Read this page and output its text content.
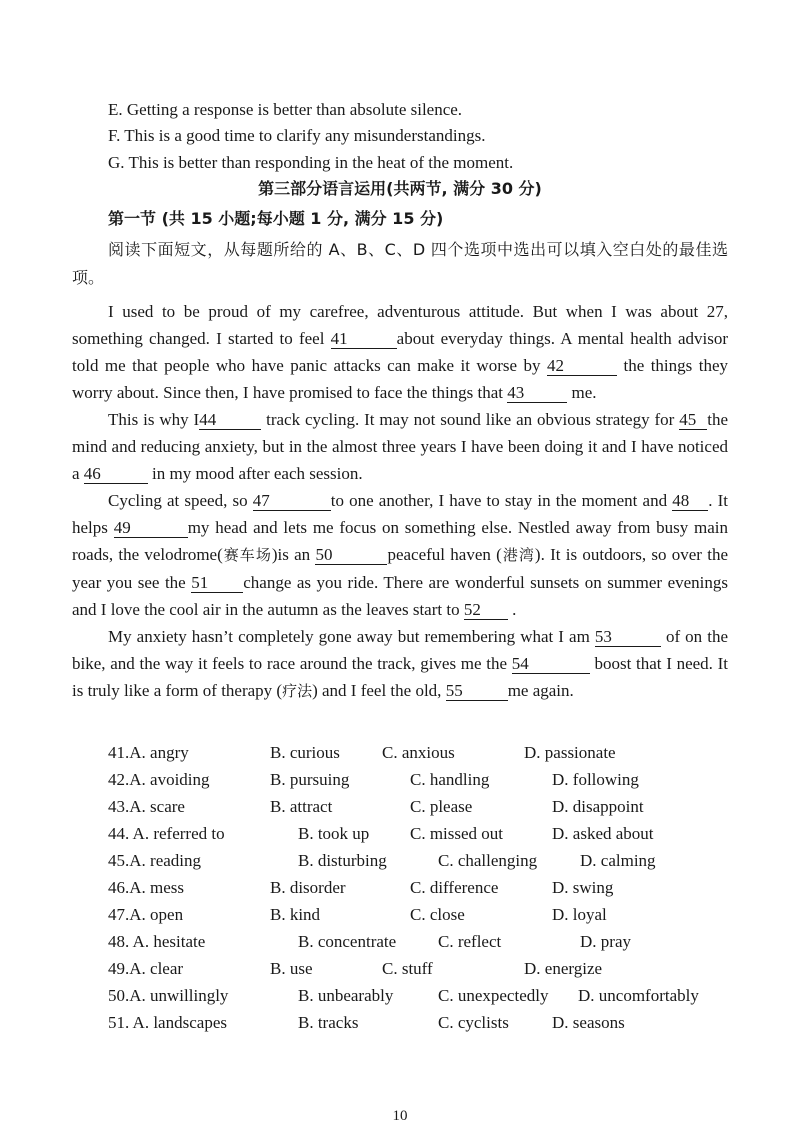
E. Getting a response is better than absolute silence.
F. This is a good time to clarify any misunderstandings.
G. This is better than responding in the heat of the moment.
第三部分语言运用(共两节, 满分 30 分)
第一节 (共 15 小题;每小题 1 分, 满分 15 分)
阅读下面短文，从每题所给的 A、B、C、D 四个选项中选出可以填入空白处的最佳选项。

I used to be proud of my carefree, adventurous attitude. But when I was about 27, something changed. I started to feel 41	about everyday things. A mental health advisor told me that people who have panic attacks can make it worse by 42	the things they worry about. Since then, I have promised to face the things that 43	me.

This is why I44	track cycling. It may not sound like an obvious strategy for 45 the mind and reducing anxiety, but in the almost three years I have been doing it and I have noticed a 46	in my mood after each session.

Cycling at speed, so 47	to one another, I have to stay in the moment and 48 . It helps 49	my head and lets me focus on something else. Nestled away from busy main roads, the velodrome(赛车场)is an 50	peaceful haven (港湾). It is outdoors, so over the year you see the 51 change as you ride. There are wonderful sunsets on summer evenings and I love the cool air in the autumn as the leaves start to 52 .

My anxiety hasn’t completely gone away but remembering what I am 53	of on the bike, and the way it feels to race around the track, gives me the 54	boost that I need. It is truly like a form of therapy (疗法) and I feel the old, 55	me again.

41.A. angry	B. curious C. anxious	D. passionate
42.A. avoiding	B. pursuing	C. handling	D. following
43.A. scare	B. attract	C. please	D. disappoint
44. A. referred to	B. took up C. missed out	D. asked about
45.A. reading	B. disturbing	C. challenging	D. calming
46.A. mess	B. disorder	C. difference	D. swing
47.A. open	B. kind	C. close	D. loyal
48. A. hesitate	B. concentrate C. reflect	D. pray
49.A. clear	B. use	C. stuff	D. energize
50.A. unwillingly	B. unbearably	C. unexpectedly D. uncomfortably
51. A. landscapes	B. tracks	C. cyclists	D. seasons
10
